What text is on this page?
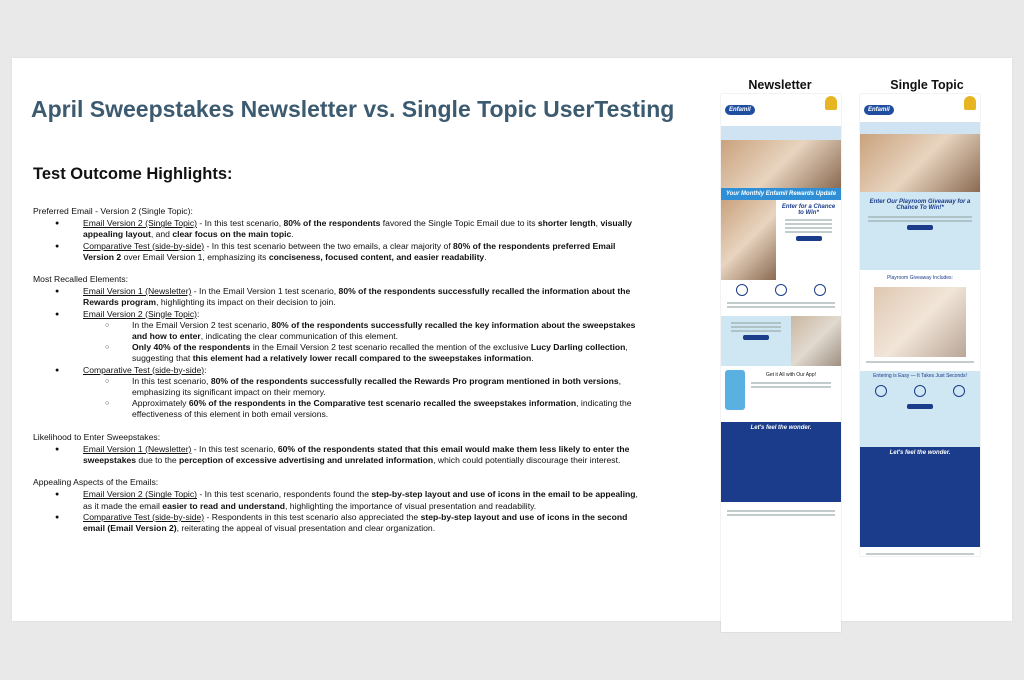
April Sweepstakes Newsletter vs. Single Topic UserTesting
Test Outcome Highlights:
Preferred Email - Version 2 (Single Topic):
● Email Version 2 (Single Topic) - In this test scenario, 80% of the respondents favored the Single Topic Email due to its shorter length, visually appealing layout, and clear focus on the main topic.
● Comparative Test (side-by-side) - In this test scenario between the two emails, a clear majority of 80% of the respondents preferred Email Version 2 over Email Version 1, emphasizing its conciseness, focused content, and easier readability.
Most Recalled Elements:
● Email Version 1 (Newsletter) - In the Email Version 1 test scenario, 80% of the respondents successfully recalled the information about the Rewards program, highlighting its impact on their decision to join.
● Email Version 2 (Single Topic):
○ In the Email Version 2 test scenario, 80% of the respondents successfully recalled the key information about the sweepstakes and how to enter, indicating the clear communication of this element.
○ Only 40% of the respondents in the Email Version 2 test scenario recalled the mention of the exclusive Lucy Darling collection, suggesting that this element had a relatively lower recall compared to the sweepstakes information.
● Comparative Test (side-by-side):
○ In this test scenario, 80% of the respondents successfully recalled the Rewards Pro program mentioned in both versions, emphasizing its significant impact on their memory.
○ Approximately 60% of the respondents in the Comparative test scenario recalled the sweepstakes information, indicating the effectiveness of this element in both email versions.
Likelihood to Enter Sweepstakes:
● Email Version 1 (Newsletter) - In this test scenario, 60% of the respondents stated that this email would make them less likely to enter the sweepstakes due to the perception of excessive advertising and unrelated information, which could potentially discourage their interest.
Appealing Aspects of the Emails:
● Email Version 2 (Single Topic) - In this test scenario, respondents found the step-by-step layout and use of icons in the email to be appealing, as it made the email easier to read and understand, highlighting the importance of visual presentation and readability.
● Comparative Test (side-by-side) - Respondents in this test scenario also appreciated the step-by-step layout and use of icons in the second email (Email Version 2), reiterating the appeal of visual presentation and clear organization.
Newsletter	Single Topic
Enfamil
Your Monthly Enfamil Rewards Update
Enter for a Chance to Win*
Get it All with Our App!
Let's feel the wonder.
Enfamil
Enter Our Playroom Giveaway for a Chance To Win!*
Playroom Giveaway Includes:
Entering is Easy — It Takes Just Seconds!
Let's feel the wonder.
